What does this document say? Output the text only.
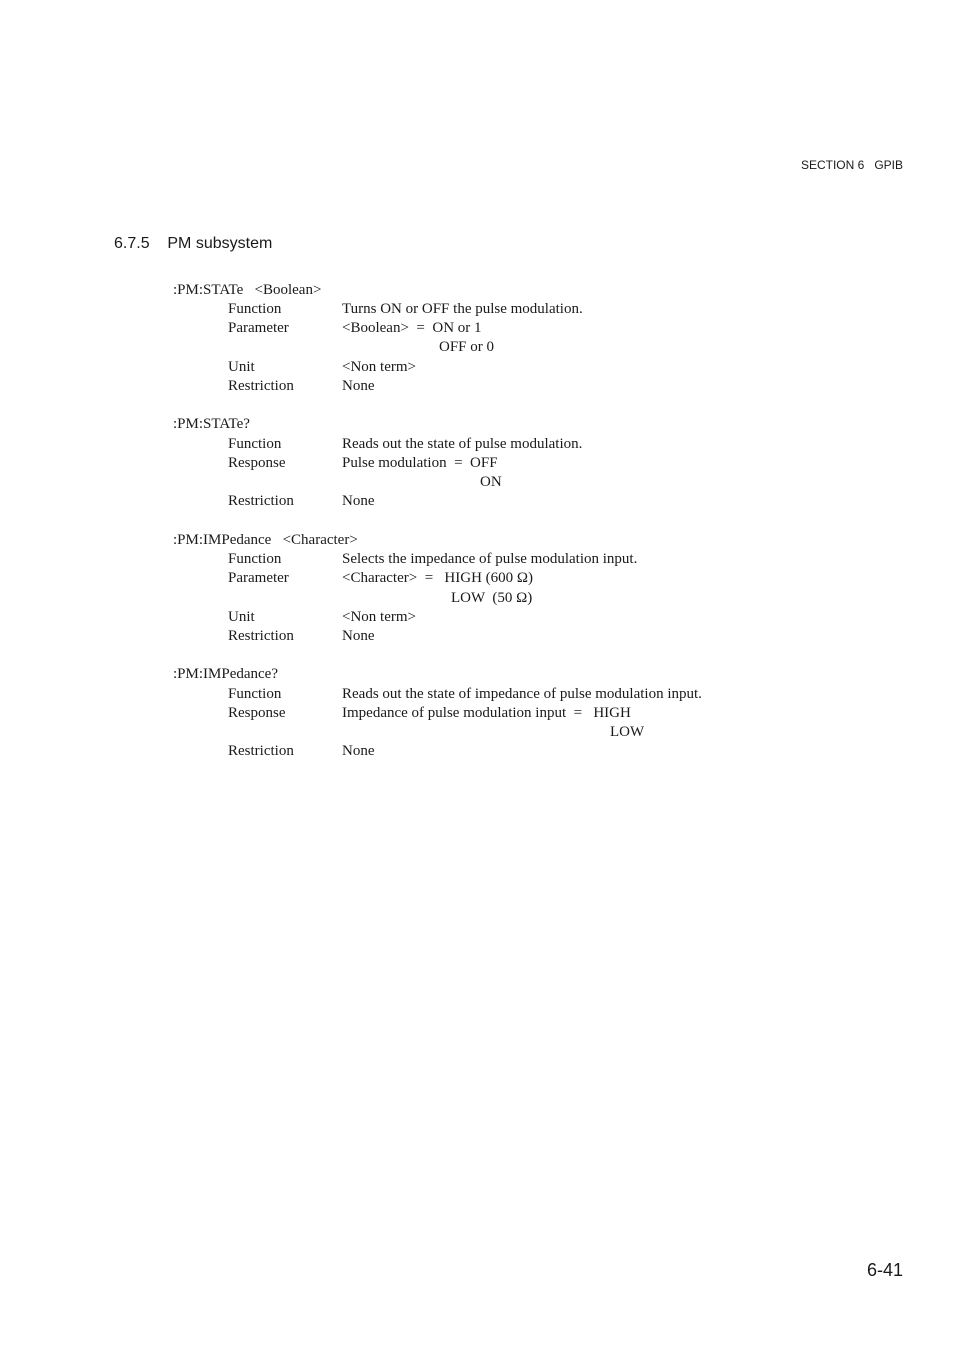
SECTION 6   GPIB
6.7.5 PM subsystem
:PM:STATe   <Boolean>
Function	Turns ON or OFF the pulse modulation.
Parameter	<Boolean>  =  ON or 1
OFF or 0
Unit	<Non term>
Restriction	None
:PM:STATe?
Function	Reads out the state of pulse modulation.
Response	Pulse modulation  =  OFF
ON
Restriction	None
:PM:IMPedance   <Character>
Function	Selects the impedance of pulse modulation input.
Parameter	<Character>  =   HIGH (600 Ω)
LOW  (50 Ω)
Unit	<Non term>
Restriction	None
:PM:IMPedance?
Function	Reads out the state of impedance of pulse modulation input.
Response	Impedance of pulse modulation input  =   HIGH
LOW
Restriction	None
6-41
